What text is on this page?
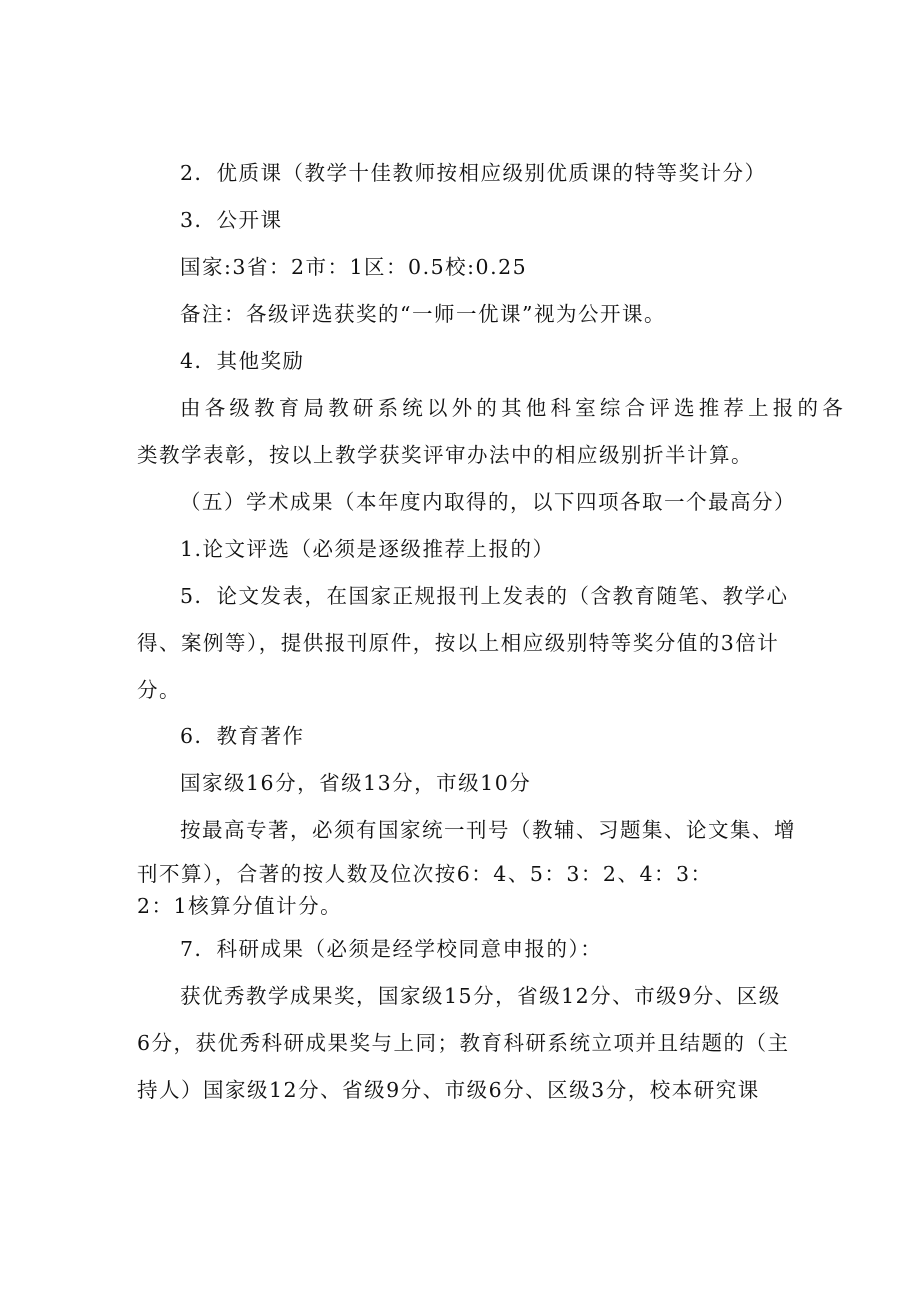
2．优质课（教学十佳教师按相应级别优质课的特等奖计分）
3．公开课
国家:3省：2市：1区：0.5校:0.25
备注：各级评选获奖的“一师一优课”视为公开课。
4．其他奖励
由各级教育局教研系统以外的其他科室综合评选推荐上报的各
类教学表彰，按以上教学获奖评审办法中的相应级别折半计算。
（五）学术成果（本年度内取得的，以下四项各取一个最高分）
1.论文评选（必须是逐级推荐上报的）
5．论文发表，在国家正规报刊上发表的（含教育随笔、教学心
得、案例等），提供报刊原件，按以上相应级别特等奖分值的3倍计
分。
6．教育著作
国家级16分，省级13分，市级10分
按最高专著，必须有国家统一刊号（教辅、习题集、论文集、增
刊不算），合著的按人数及位次按6：4、5：3：2、4：3：
2：1核算分值计分。
7．科研成果（必须是经学校同意申报的）：
获优秀教学成果奖，国家级15分，省级12分、市级9分、区级
6分，获优秀科研成果奖与上同；教育科研系统立项并且结题的（主
持人）国家级12分、省级9分、市级6分、区级3分，校本研究课
